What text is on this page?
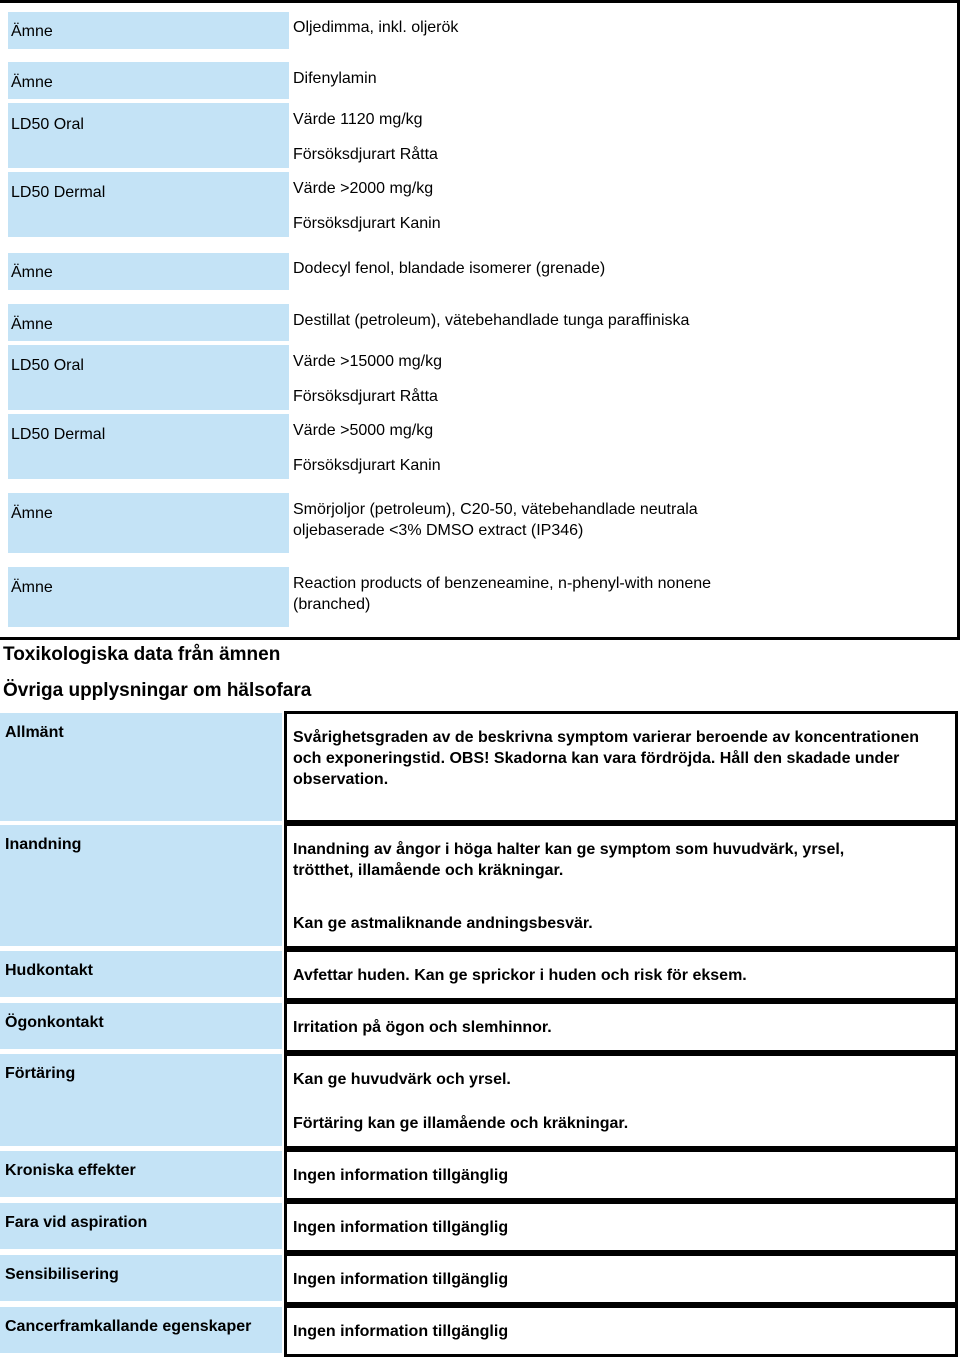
Ämne
Ämne
LD50 Oral
LD50 Dermal
Ämne
Ämne
LD50 Oral
LD50 Dermal
Ämne
Ämne
Oljedimma, inkl. oljerök
Difenylamin
Värde 1120 mg/kg
Försöksdjurart Råtta
Värde >2000 mg/kg
Försöksdjurart Kanin
Dodecyl fenol, blandade isomerer (grenade)
Destillat (petroleum), vätebehandlade tunga paraffiniska
Värde >15000 mg/kg
Försöksdjurart Råtta
Värde >5000 mg/kg
Försöksdjurart Kanin
Smörjoljor (petroleum), C20-50, vätebehandlade neutrala
oljebaserade <3% DMSO extract (IP346)
Reaction products of benzeneamine, n-phenyl-with nonene
(branched)
Toxikologiska data från ämnen
Övriga upplysningar om hälsofara
Allmänt
Inandning
Hudkontakt
Ögonkontakt
Förtäring
Kroniska effekter
Fara vid aspiration
Sensibilisering
Cancerframkallande egenskaper
Svårighetsgraden av de beskrivna symptom varierar beroende av koncentrationen
och exponeringstid. OBS! Skadorna kan vara fördröjda. Håll den skadade under
observation.
Inandning av ångor i höga halter kan ge symptom som huvudvärk, yrsel,
trötthet, illamående och kräkningar.
Kan ge astmaliknande andningsbesvär.
Avfettar huden. Kan ge sprickor i huden och risk för eksem.
Irritation på ögon och slemhinnor.
Kan ge huvudvärk och yrsel.
Förtäring kan ge illamående och kräkningar.
Ingen information tillgänglig
Ingen information tillgänglig
Ingen information tillgänglig
Ingen information tillgänglig
